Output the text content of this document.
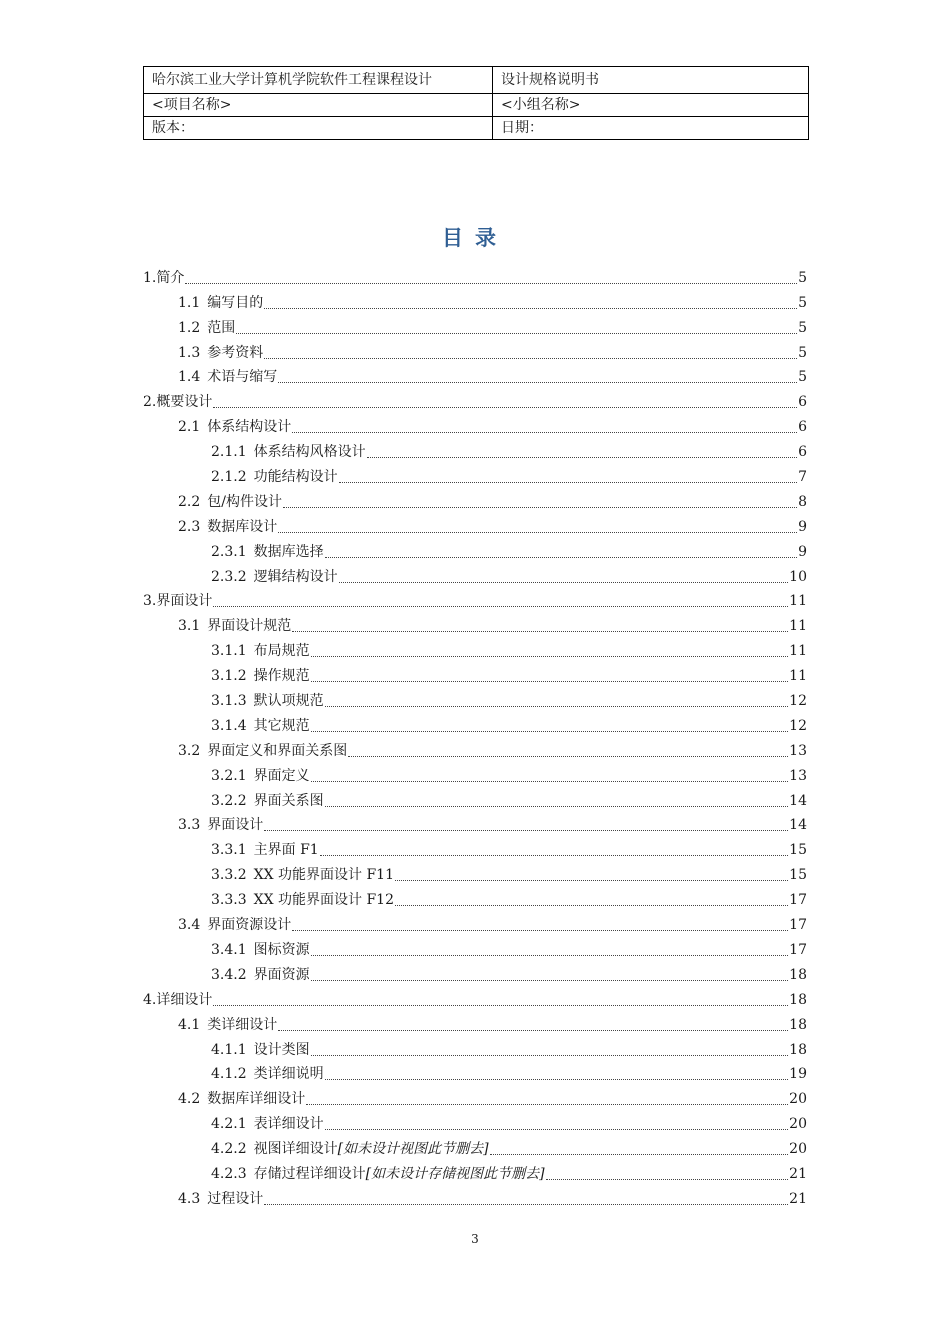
哈尔滨工业大学计算机学院软件工程课程设计	设计规格说明书
<项目名称>	<小组名称>
版本：	日期：
目录
1. 简介	5
1.1 编写目的	5
1.2 范围	5
1.3 参考资料	5
1.4 术语与缩写	5
2. 概要设计	6
2.1 体系结构设计	6
2.1.1 体系结构风格设计	6
2.1.2 功能结构设计	7
2.2 包/构件设计	8
2.3 数据库设计	9
2.3.1 数据库选择	9
2.3.2 逻辑结构设计	10
3. 界面设计	11
3.1 界面设计规范	11
3.1.1 布局规范	11
3.1.2 操作规范	11
3.1.3 默认项规范	12
3.1.4 其它规范	12
3.2 界面定义和界面关系图	13
3.2.1 界面定义	13
3.2.2 界面关系图	14
3.3 界面设计	14
3.3.1 主界面 F1	15
3.3.2 XX 功能界面设计 F11	15
3.3.3 XX 功能界面设计 F12	17
3.4 界面资源设计	17
3.4.1 图标资源	17
3.4.2 界面资源	18
4. 详细设计	18
4.1 类详细设计	18
4.1.1 设计类图	18
4.1.2 类详细说明	19
4.2 数据库详细设计	20
4.2.1 表详细设计	20
4.2.2 视图详细设计 [如未设计视图此节删去]	20
4.2.3 存储过程详细设计 [如未设计存储视图此节删去]	21
4.3 过程设计	21
3
